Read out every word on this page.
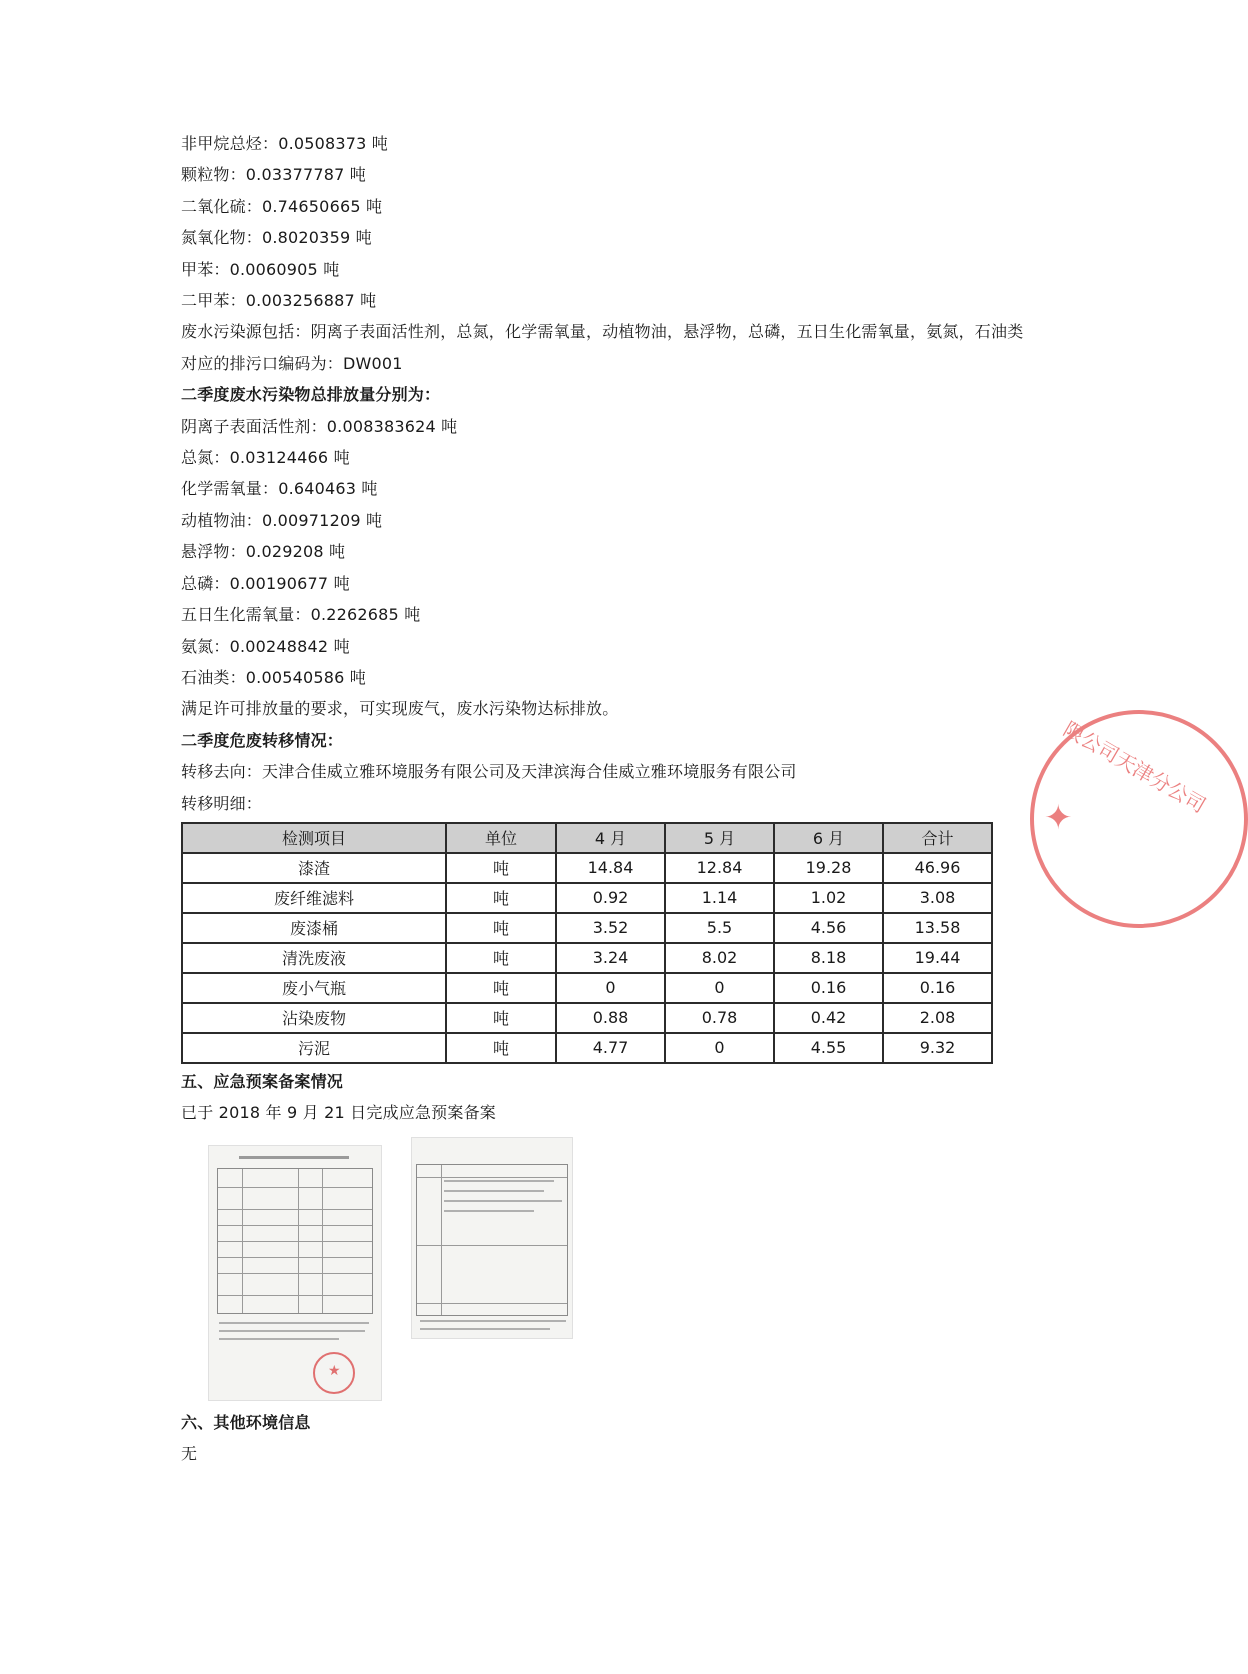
非甲烷总烃：0.0508373 吨
颗粒物：0.03377787 吨
二氧化硫：0.74650665 吨
氮氧化物：0.8020359 吨
甲苯：0.0060905 吨
二甲苯：0.003256887 吨
废水污染源包括：阴离子表面活性剂，总氮，化学需氧量，动植物油，悬浮物，总磷，五日生化需氧量，氨氮，石油类
对应的排污口编码为：DW001
二季度废水污染物总排放量分别为：
阴离子表面活性剂：0.008383624 吨
总氮：0.03124466 吨
化学需氧量：0.640463 吨
动植物油：0.00971209 吨
悬浮物：0.029208 吨
总磷：0.00190677 吨
五日生化需氧量：0.2262685 吨
氨氮：0.00248842 吨
石油类：0.00540586 吨
满足许可排放量的要求，可实现废气，废水污染物达标排放。
二季度危废转移情况：
转移去向：天津合佳威立雅环境服务有限公司及天津滨海合佳威立雅环境服务有限公司
转移明细：
检测项目	单位	4 月	5 月	6 月	合计
漆渣	吨	14.84	12.84	19.28	46.96
废纤维滤料	吨	0.92	1.14	1.02	3.08
废漆桶	吨	3.52	5.5	4.56	13.58
清洗废液	吨	3.24	8.02	8.18	19.44
废小气瓶	吨	0	0	0.16	0.16
沾染废物	吨	0.88	0.78	0.42	2.08
污泥	吨	4.77	0	4.55	9.32
五、应急预案备案情况
已于 2018 年 9 月 21 日完成应急预案备案
★
六、其他环境信息
无
限公司天津分公司
✦
